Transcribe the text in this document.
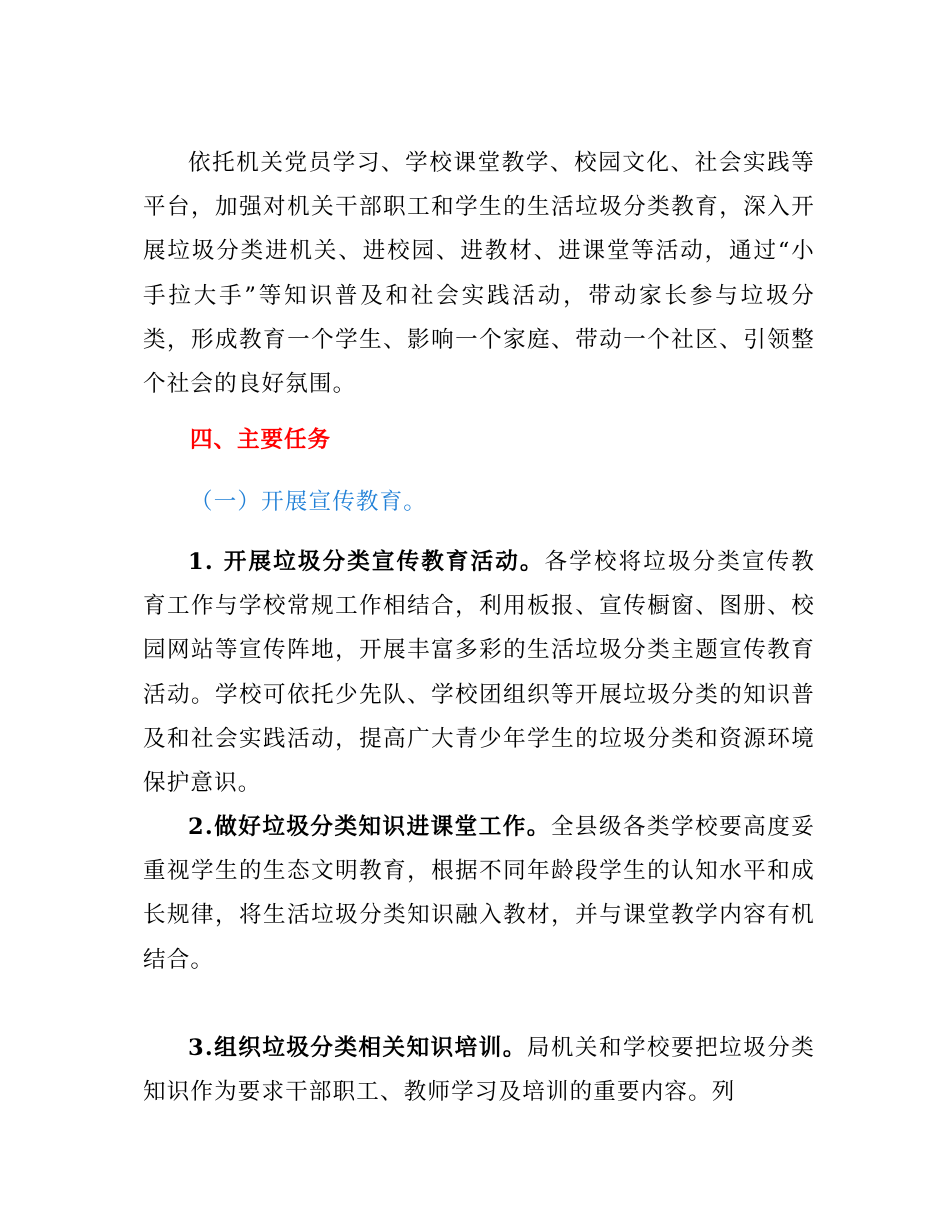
依托机关党员学习、学校课堂教学、校园文化、社会实践等平台，加强对机关干部职工和学生的生活垃圾分类教育，深入开展垃圾分类进机关、进校园、进教材、进课堂等活动，通过“小手拉大手”等知识普及和社会实践活动，带动家长参与垃圾分类，形成教育一个学生、影响一个家庭、带动一个社区、引领整个社会的良好氛围。

四、主要任务

（一）开展宣传教育。

1. 开展垃圾分类宣传教育活动。各学校将垃圾分类宣传教育工作与学校常规工作相结合，利用板报、宣传橱窗、图册、校园网站等宣传阵地，开展丰富多彩的生活垃圾分类主题宣传教育活动。学校可依托少先队、学校团组织等开展垃圾分类的知识普及和社会实践活动，提高广大青少年学生的垃圾分类和资源环境保护意识。

2.做好垃圾分类知识进课堂工作。全县级各类学校要高度妥重视学生的生态文明教育，根据不同年龄段学生的认知水平和成长规律，将生活垃圾分类知识融入教材，并与课堂教学内容有机结合。

3.组织垃圾分类相关知识培训。局机关和学校要把垃圾分类知识作为要求干部职工、教师学习及培训的重要内容。列
